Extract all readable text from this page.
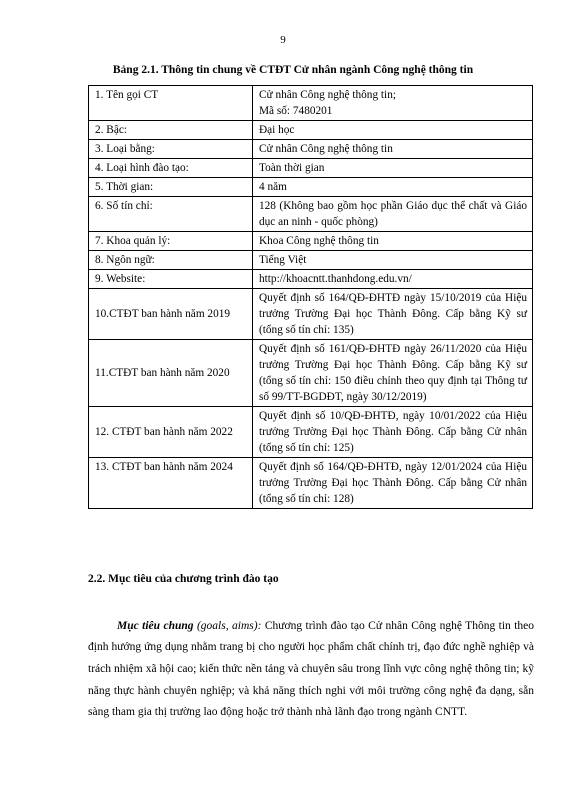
9
Bảng 2.1. Thông tin chung về CTĐT Cử nhân ngành Công nghệ thông tin
1. Tên gọi CT	Cử nhân Công nghệ thông tin;
Mã số: 7480201

2. Bậc:	Đại học
3. Loại bằng:	Cử nhân Công nghệ thông tin
4. Loại hình đào tạo:	Toàn thời gian
5. Thời gian:	4 năm
6. Số tín chỉ:	128 (Không bao gồm học phần Giáo dục thể chất và Giáo dục an ninh - quốc phòng)
7. Khoa quản lý:	Khoa Công nghệ thông tin
8. Ngôn ngữ:	Tiếng Việt
9. Website:	http://khoacntt.thanhdong.edu.vn/
10.CTĐT ban hành năm 2019	Quyết định số 164/QĐ-ĐHTĐ ngày 15/10/2019 của Hiệu trưởng Trường Đại học Thành Đông. Cấp bằng Kỹ sư (tổng số tín chỉ: 135)
11.CTĐT ban hành năm 2020	Quyết định số 161/QĐ-ĐHTĐ ngày 26/11/2020 của Hiệu trưởng Trường Đại học Thành Đông. Cấp bằng Kỹ sư (tổng số tín chỉ: 150 điều chỉnh theo quy định tại Thông tư số 99/TT-BGDĐT, ngày 30/12/2019)
12. CTĐT ban hành năm 2022	Quyết định số 10/QĐ-ĐHTĐ, ngày 10/01/2022 của Hiệu trưởng Trường Đại học Thành Đông. Cấp bằng Cử nhân (tổng số tín chỉ: 125)
13. CTĐT ban hành năm 2024	Quyết định số 164/QĐ-ĐHTĐ, ngày 12/01/2024 của Hiệu trưởng Trường Đại học Thành Đông. Cấp bằng Cử nhân (tổng số tín chỉ: 128)
2.2. Mục tiêu của chương trình đào tạo

Mục tiêu chung (goals, aims): Chương trình đào tạo Cử nhân Công nghệ Thông tin theo định hướng ứng dụng nhằm trang bị cho người học phẩm chất chính trị, đạo đức nghề nghiệp và trách nhiệm xã hội cao; kiến thức nền tảng và chuyên sâu trong lĩnh vực công nghệ thông tin; kỹ năng thực hành chuyên nghiệp; và khả năng thích nghi với môi trường công nghệ đa dạng, sẵn sàng tham gia thị trường lao động hoặc trở thành nhà lãnh đạo trong ngành CNTT.
